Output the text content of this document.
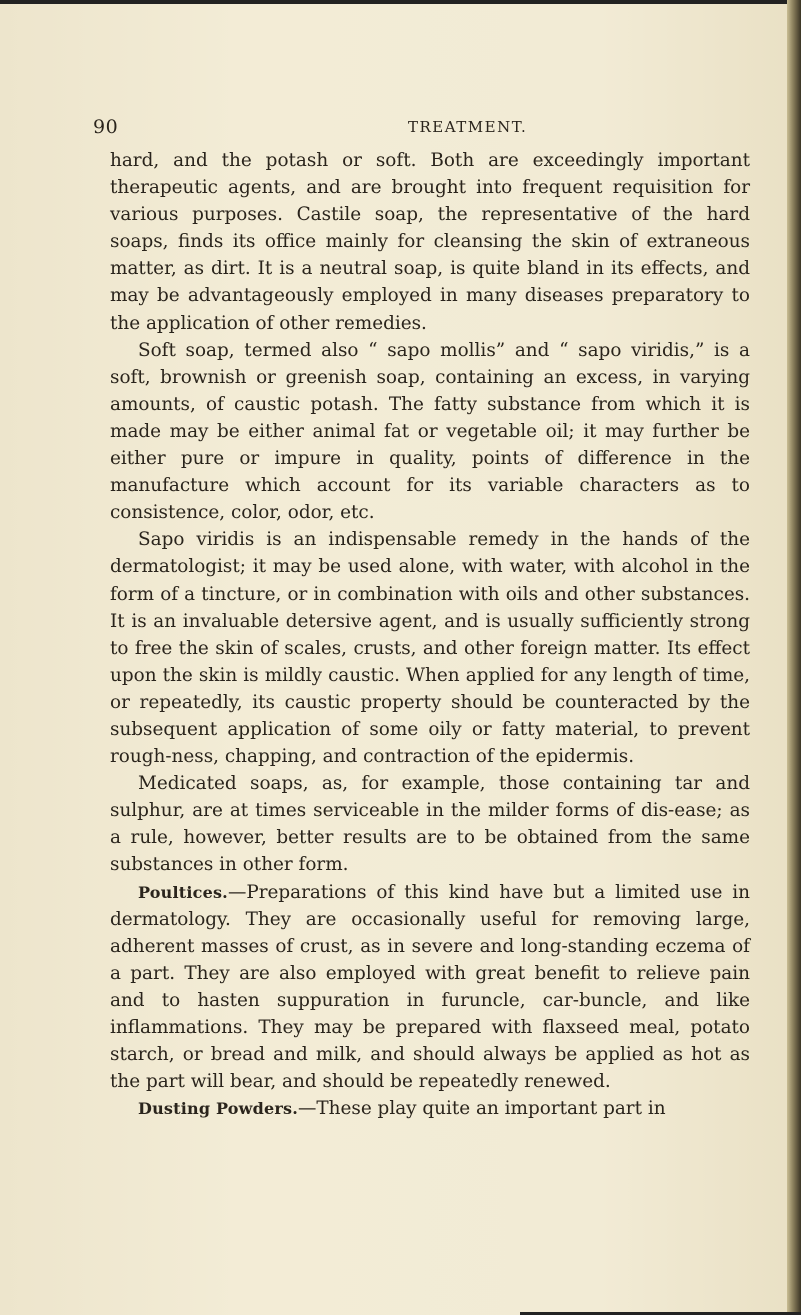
90	TREATMENT.

hard, and the potash or soft. Both are exceedingly important therapeutic agents, and are brought into frequent requisition for various purposes. Castile soap, the representative of the hard soaps, finds its office mainly for cleansing the skin of extraneous matter, as dirt. It is a neutral soap, is quite bland in its effects, and may be advantageously employed in many diseases preparatory to the application of other remedies.

Soft soap, termed also “ sapo mollis” and “ sapo viridis,” is a soft, brownish or greenish soap, containing an excess, in varying amounts, of caustic potash. The fatty substance from which it is made may be either animal fat or vegetable oil; it may further be either pure or impure in quality, points of difference in the manufacture which account for its variable characters as to consistence, color, odor, etc.

Sapo viridis is an indispensable remedy in the hands of the dermatologist; it may be used alone, with water, with alcohol in the form of a tincture, or in combination with oils and other substances. It is an invaluable detersive agent, and is usually sufficiently strong to free the skin of scales, crusts, and other foreign matter. Its effect upon the skin is mildly caustic. When applied for any length of time, or repeatedly, its caustic property should be counteracted by the subsequent application of some oily or fatty material, to prevent rough-ness, chapping, and contraction of the epidermis.

Medicated soaps, as, for example, those containing tar and sulphur, are at times serviceable in the milder forms of dis-ease; as a rule, however, better results are to be obtained from the same substances in other form.

Poultices.—Preparations of this kind have but a limited use in dermatology. They are occasionally useful for removing large, adherent masses of crust, as in severe and long-standing eczema of a part. They are also employed with great benefit to relieve pain and to hasten suppuration in furuncle, car-buncle, and like inflammations. They may be prepared with flaxseed meal, potato starch, or bread and milk, and should always be applied as hot as the part will bear, and should be repeatedly renewed.

Dusting Powders.—These play quite an important part in
